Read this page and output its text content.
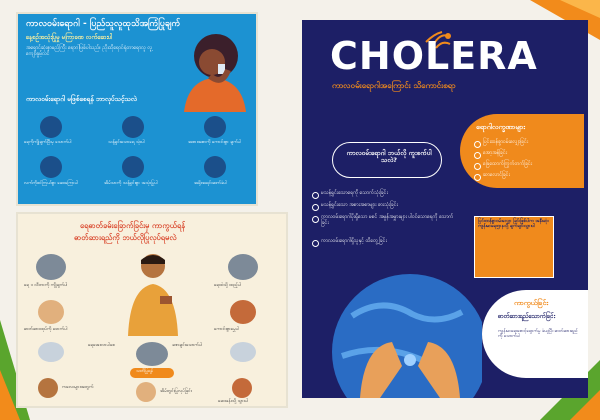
ကာလဝမ်းရောဂါ - ပြည်သူလူထုသိအကြံပြုချက်
နေ့စဉ်အသုံးပြုမှု မကြာခဏ လက်ဆေးပါ
အရောင်ဆုံးနာမည်ကြီး ရောဂါဖြစ်ပါသည်။ ညိုးထိုရောင်ရုံတာရောလူ လူ့ကျော်ခွမ့်လင်
ကာလဝမ်းရောဂါ မဖြစ်စေရန် ဘာလုပ်သင့်သလဲ
ရေကိုကျိုချက်ပြီးမှ သောက်ပါ	သန့်ရှင်းသောရေ သုံးပါ	အစားအစာကို ကောင်းစွာ ချက်ပါ
လက်ကိုစင်ကြယ်စွာ ဆေးကြောပါ	အိမ်သာကို သန့်ရှင်းစွာ အသုံးပြုပါ	အရိုးအရင်းဆက်ခံပါ
ရေဓာတ်ခမ်းခြောက်ခြင်းမှ ကာကွယ်ရန်
ဓာတ်ဆားရည်ကို ဘယ်လိုပြုလုပ်ရမလဲ
ရေ ၁ လီတာကို ကျိုချက်ပါ
ဓာတ်ဆားထုပ်ကို ဖောက်ပါ
ရေထဲသို့ ထည့်ပါ
ကောင်းစွာမွှေပါ
ရေအေးလာပါစေ	ခဏချင်းသောက်ပါ
သတိပြုရန်
ကလေးများအတွက်
အိမ်တွင်းပြုလုပ်ခြင်း
ဆေးခန်းသို့ သွားပါ
CHOLERA
ကာလဝမ်းရောဂါအကြောင်း သိကောင်းစရာ
ရောဂါလက္ခဏာများ
ပြင်းထန်စွာဝမ်းလျှောခြင်း
အော့အန်ခြင်း
ခြေထောက်ကြွက်တက်ခြင်း
ဆာလောင်ခြင်း
ကာလဝမ်းရောဂါ ဘယ်လို ကူးစက်ပါသလဲ?
မသန့်ရှင်းသောရေကို သောက်သုံးခြင်း
မသန့်ရှင်းသော အစားအစာများ စားသုံးခြင်း
ကာလဝမ်းရောဂါပိုးရှိသော မစင် အမှုန်အမွှားများ ပါဝင်သောရေကို သောက်ခြင်း
ကာလဝမ်းရောဂါရှိသူနှင့် ထိတွေ့ခြင်း
ပြင်းထန်စွာဝမ်းလျှော ခြင်းဖြစ်ပါက အနီးဆုံး ကျန်းမာရေးဌာနသို့ ချက်ချင်းသွားပါ
ကာကွယ်ခြင်း
ဓာတ်ဆားရည်သောက်ခြင်း
ကျန်းမာရေးစောင့်ရှောက်မှု ခံယူပြီး ဓာတ်ဆားရည်ကို သောက်ပါ
